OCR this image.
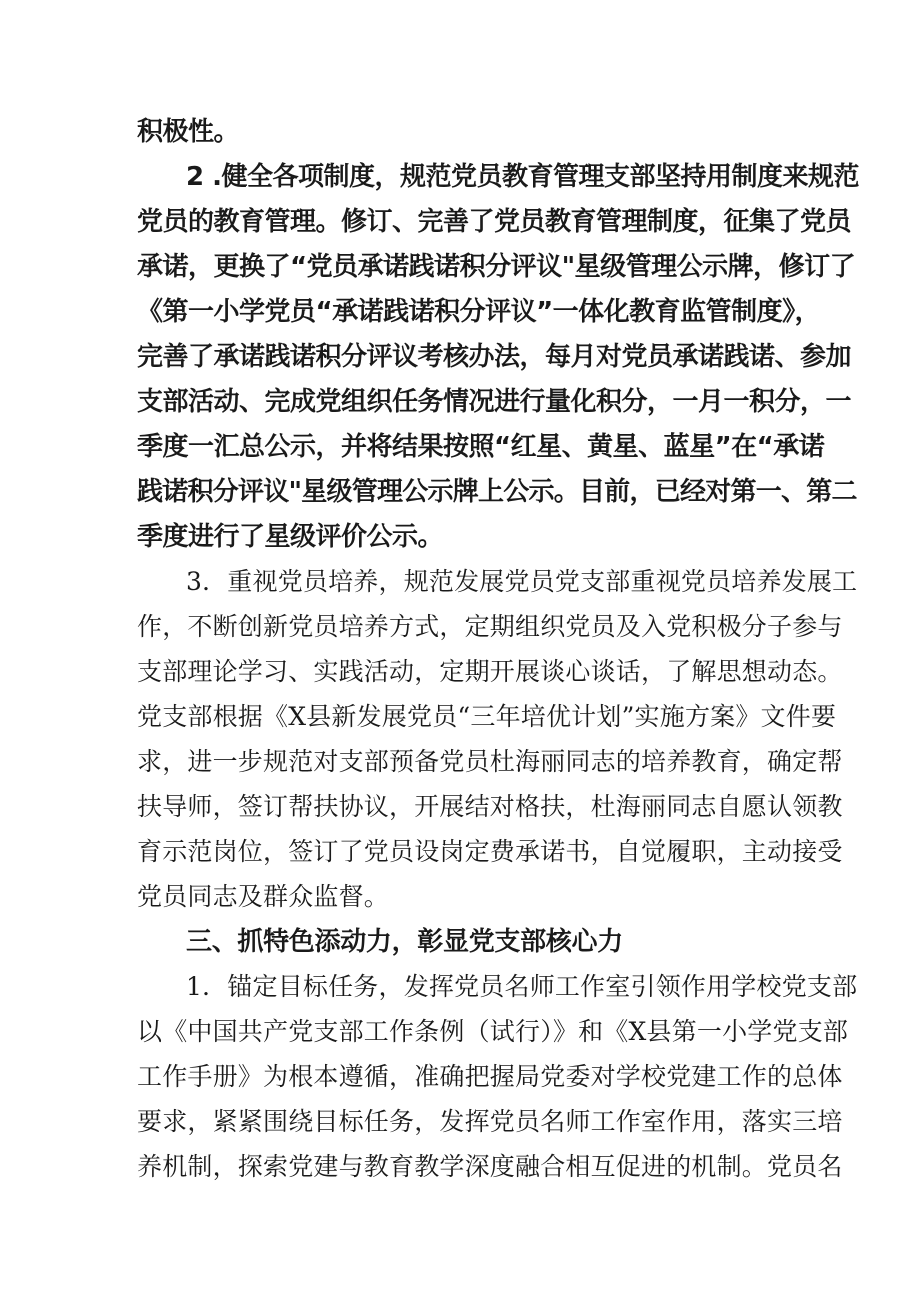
积极性。
2 .健全各项制度，规范党员教育管理支部坚持用制度来规范
党员的教育管理。修订、完善了党员教育管理制度，征集了党员
承诺，更换了“党员承诺践诺积分评议"星级管理公示牌，修订了
《第一小学党员“承诺践诺积分评议”一体化教育监管制度》，
完善了承诺践诺积分评议考核办法，每月对党员承诺践诺、参加
支部活动、完成党组织任务情况进行量化积分，一月一积分，一
季度一汇总公示，并将结果按照“红星、黄星、蓝星”在“承诺
践诺积分评议"星级管理公示牌上公示。目前，已经对第一、第二
季度进行了星级评价公示。
3．重视党员培养，规范发展党员党支部重视党员培养发展工
作，不断创新党员培养方式，定期组织党员及入党积极分子参与
支部理论学习、实践活动，定期开展谈心谈话，了解思想动态。
党支部根据《X县新发展党员“三年培优计划”实施方案》文件要
求，进一步规范对支部预备党员杜海丽同志的培养教育，确定帮
扶导师，签订帮扶协议，开展结对格扶，杜海丽同志自愿认领教
育示范岗位，签订了党员设岗定费承诺书，自觉履职，主动接受
党员同志及群众监督。
三、抓特色添动力，彰显党支部核心力
1．锚定目标任务，发挥党员名师工作室引领作用学校党支部
以《中国共产党支部工作条例（试行）》和《X县第一小学党支部
工作手册》为根本遵循，准确把握局党委对学校党建工作的总体
要求，紧紧围绕目标任务，发挥党员名师工作室作用，落实三培
养机制，探索党建与教育教学深度融合相互促进的机制。党员名
